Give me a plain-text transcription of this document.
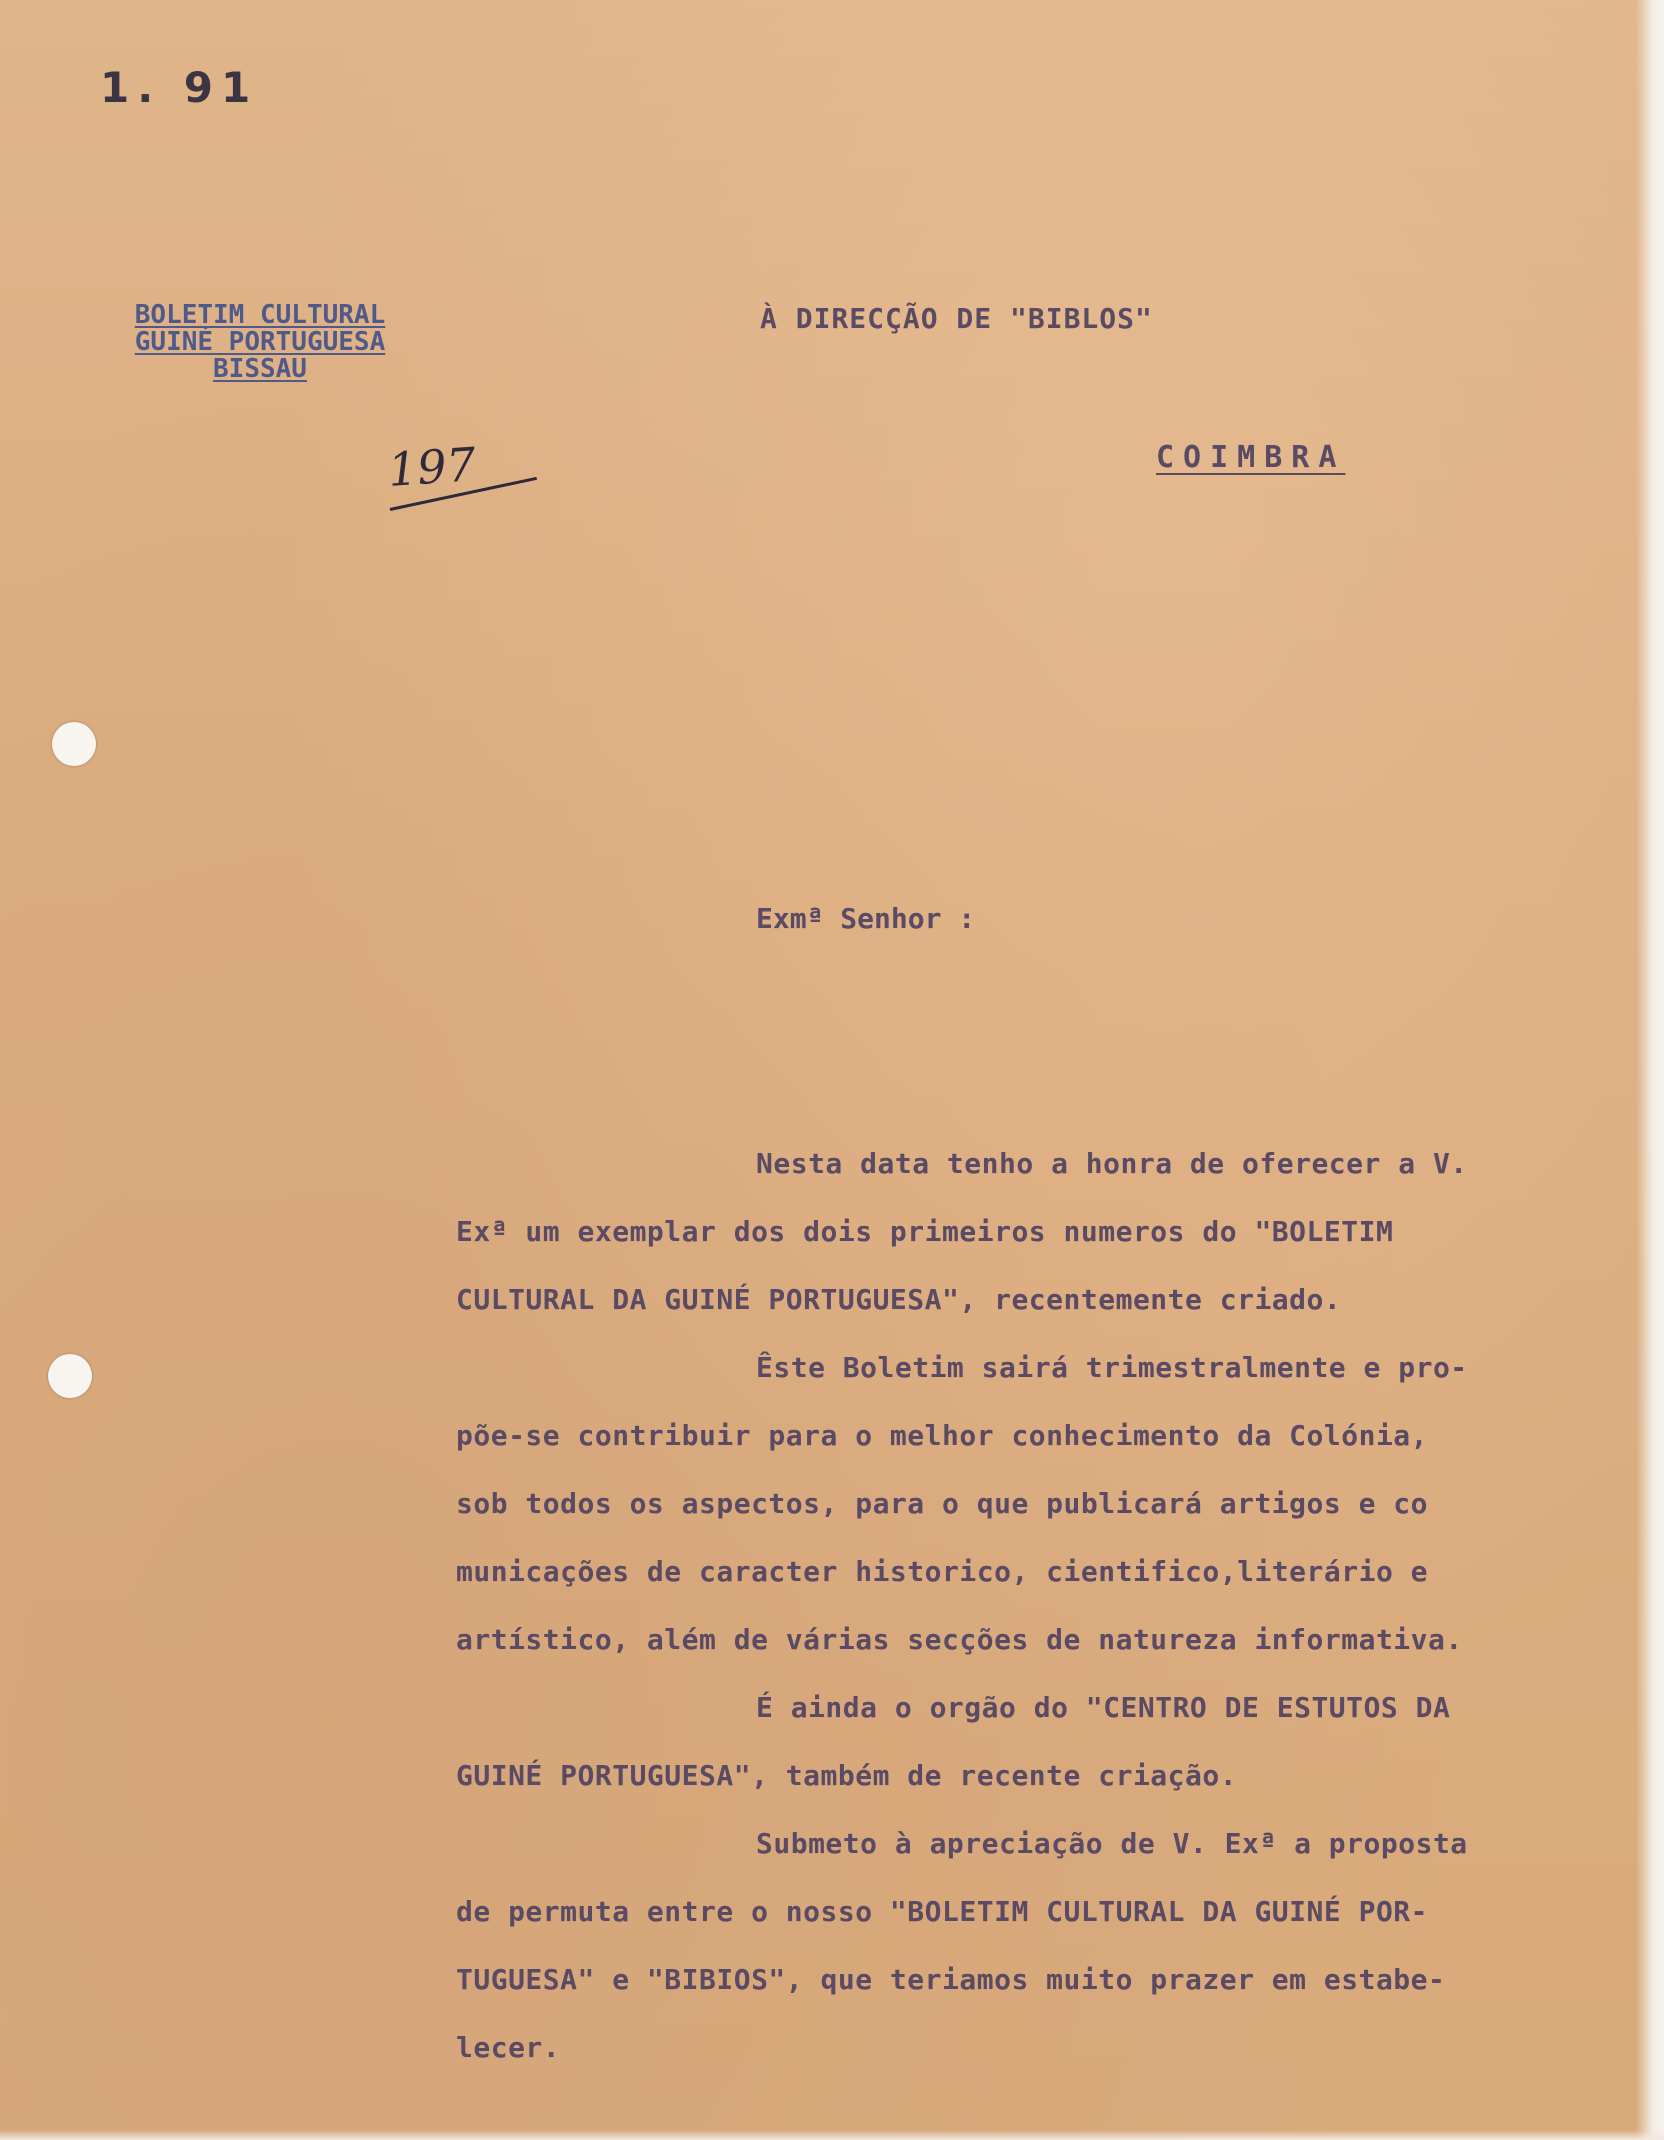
1. 91
BOLETIM CULTURAL
GUINÉ PORTUGUESA
BISSAU
197
À DIRECÇÃO DE "BIBLOS"
COIMBRA
Exmª Senhor :
Nesta data tenho a honra de oferecer a V.
Exª um exemplar dos dois primeiros numeros do "BOLETIM
CULTURAL DA GUINÉ PORTUGUESA", recentemente criado.
Êste Boletim sairá trimestralmente e pro-
põe-se contribuir para o melhor conhecimento da Colónia,
sob todos os aspectos, para o que publicará artigos e co
municações de caracter historico, cientifico,literário e
artístico, além de várias secções de natureza informativa.
É ainda o orgão do "CENTRO DE ESTUTOS DA
GUINÉ PORTUGUESA", também de recente criação.
Submeto à apreciação de V. Exª a proposta
de permuta entre o nosso "BOLETIM CULTURAL DA GUINÉ POR-
TUGUESA" e "BIBIOS", que teriamos muito prazer em estabe-
lecer.
